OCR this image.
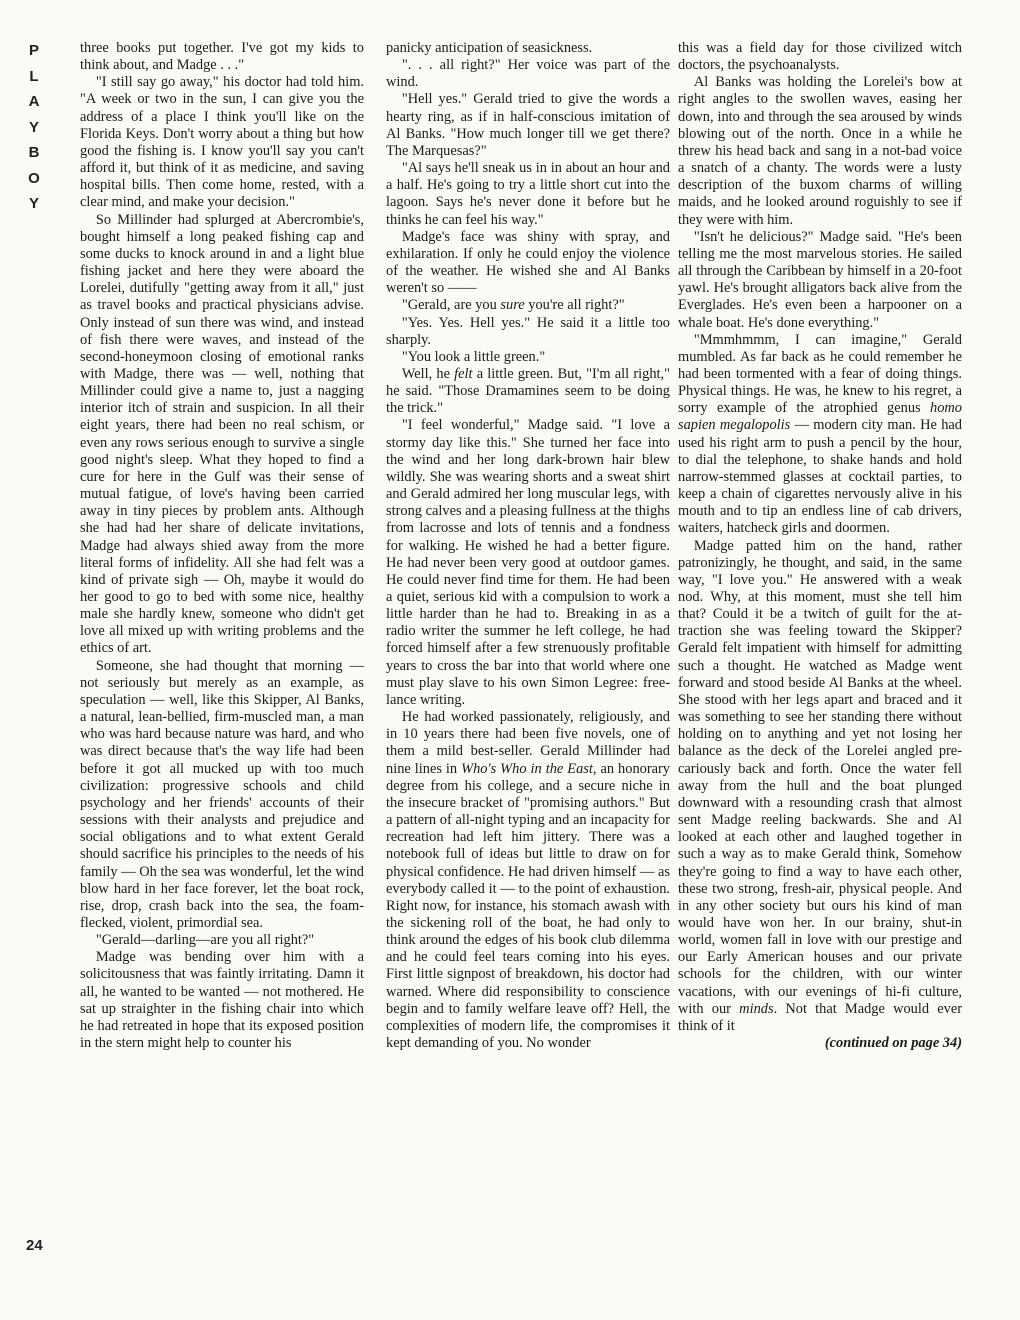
P
L
A
Y
B
O
Y
24

three books put together. I've got my kids to think about, and Madge . . ."

"I still say go away," his doctor had told him. "A week or two in the sun, I can give you the address of a place I think you'll like on the Florida Keys. Don't worry about a thing but how good the fishing is. I know you'll say you can't afford it, but think of it as medicine, and saving hospital bills. Then come home, rested, with a clear mind, and make your decision."

So Millinder had splurged at Abercrombie's, bought himself a long peaked fishing cap and some ducks to knock around in and a light blue fishing jacket and here they were aboard the Lorelei, dutifully "getting away from it all," just as travel books and practical physicians advise. Only instead of sun there was wind, and instead of fish there were waves, and instead of the second-honeymoon closing of emotional ranks with Madge, there was — well, nothing that Millinder could give a name to, just a nagging interior itch of strain and suspicion. In all their eight years, there had been no real schism, or even any rows serious enough to survive a single good night's sleep. What they hoped to find a cure for here in the Gulf was their sense of mutual fatigue, of love's having been carried away in tiny pieces by problem ants. Although she had had her share of delicate invitations, Madge had always shied away from the more literal forms of infidelity. All she had felt was a kind of private sigh — Oh, maybe it would do her good to go to bed with some nice, healthy male she hardly knew, someone who didn't get love all mixed up with writing problems and the ethics of art.

Someone, she had thought that morning — not seriously but merely as an example, as speculation — well, like this Skipper, Al Banks, a natural, lean-bellied, firm-muscled man, a man who was hard because nature was hard, and who was direct because that's the way life had been before it got all mucked up with too much civilization: progressive schools and child psychology and her friends' accounts of their sessions with their analysts and prejudice and social obligations and to what extent Gerald should sacrifice his principles to the needs of his family — Oh the sea was wonderful, let the wind blow hard in her face forever, let the boat rock, rise, drop, crash back into the sea, the foam-flecked, violent, primordial sea.

"Gerald—darling—are you all right?"

Madge was bending over him with a solicitousness that was faintly irritating. Damn it all, he wanted to be wanted — not mothered. He sat up straighter in the fishing chair into which he had retreated in hope that its exposed position in the stern might help to counter his

panicky anticipation of seasickness.

". . . all right?" Her voice was part of the wind.

"Hell yes." Gerald tried to give the words a hearty ring, as if in half-conscious imitation of Al Banks. "How much longer till we get there? The Marquesas?"

"Al says he'll sneak us in in about an hour and a half. He's going to try a little short cut into the lagoon. Says he's never done it before but he thinks he can feel his way."

Madge's face was shiny with spray, and exhilaration. If only he could enjoy the violence of the weather. He wished she and Al Banks weren't so ——

"Gerald, are you sure you're all right?"

"Yes. Yes. Hell yes." He said it a little too sharply.

"You look a little green."

Well, he felt a little green. But, "I'm all right," he said. "Those Dramamines seem to be doing the trick."

"I feel wonderful," Madge said. "I love a stormy day like this." She turned her face into the wind and her long dark-brown hair blew wildly. She was wearing shorts and a sweat shirt and Gerald admired her long muscular legs, with strong calves and a pleasing fullness at the thighs from lacrosse and lots of tennis and a fondness for walking. He wished he had a better figure. He had never been very good at outdoor games. He could never find time for them. He had been a quiet, serious kid with a compulsion to work a little harder than he had to. Breaking in as a radio writer the summer he left college, he had forced himself after a few strenuously profitable years to cross the bar into that world where one must play slave to his own Simon Legree: free-lance writing.

He had worked passionately, religiously, and in 10 years there had been five novels, one of them a mild best-seller. Gerald Millinder had nine lines in Who's Who in the East, an honorary degree from his college, and a secure niche in the insecure bracket of "promising authors." But a pattern of all-night typing and an incapacity for recreation had left him jittery. There was a notebook full of ideas but little to draw on for physical confidence. He had driven himself — as everybody called it — to the point of exhaustion. Right now, for instance, his stomach awash with the sickening roll of the boat, he had only to think around the edges of his book club dilemma and he could feel tears coming into his eyes. First little signpost of breakdown, his doctor had warned. Where did responsibility to conscience begin and to family welfare leave off? Hell, the complexities of modern life, the compromises it kept demanding of you. No wonder

this was a field day for those civilized witch doctors, the psychoanalysts.

Al Banks was holding the Lorelei's bow at right angles to the swollen waves, easing her down, into and through the sea aroused by winds blowing out of the north. Once in a while he threw his head back and sang in a not-bad voice a snatch of a chanty. The words were a lusty description of the buxom charms of willing maids, and he looked around roguishly to see if they were with him.

"Isn't he delicious?" Madge said. "He's been telling me the most marvelous stories. He sailed all through the Caribbean by himself in a 20-foot yawl. He's brought alligators back alive from the Everglades. He's even been a harpooner on a whale boat. He's done everything."

"Mmmhmmm, I can imagine," Gerald mumbled. As far back as he could remember he had been tormented with a fear of doing things. Physical things. He was, he knew to his regret, a sorry example of the atrophied genus homo sapien megalopolis — modern city man. He had used his right arm to push a pencil by the hour, to dial the telephone, to shake hands and hold narrow-stemmed glasses at cocktail parties, to keep a chain of cigarettes nervously alive in his mouth and to tip an endless line of cab drivers, waiters, hatcheck girls and doormen.

Madge patted him on the hand, rather patronizingly, he thought, and said, in the same way, "I love you." He answered with a weak nod. Why, at this moment, must she tell him that? Could it be a twitch of guilt for the attraction she was feeling toward the Skipper? Gerald felt impatient with himself for admitting such a thought. He watched as Madge went forward and stood beside Al Banks at the wheel. She stood with her legs apart and braced and it was something to see her standing there without holding on to anything and yet not losing her balance as the deck of the Lorelei angled precariously back and forth. Once the water fell away from the hull and the boat plunged downward with a resounding crash that almost sent Madge reeling backwards. She and Al looked at each other and laughed together in such a way as to make Gerald think, Somehow they're going to find a way to have each other, these two strong, fresh-air, physical people. And in any other society but ours his kind of man would have won her. In our brainy, shut-in world, women fall in love with our prestige and our Early American houses and our private schools for the children, with our winter vacations, with our evenings of hi-fi culture, with our minds. Not that Madge would ever think of it

(continued on page 34)
